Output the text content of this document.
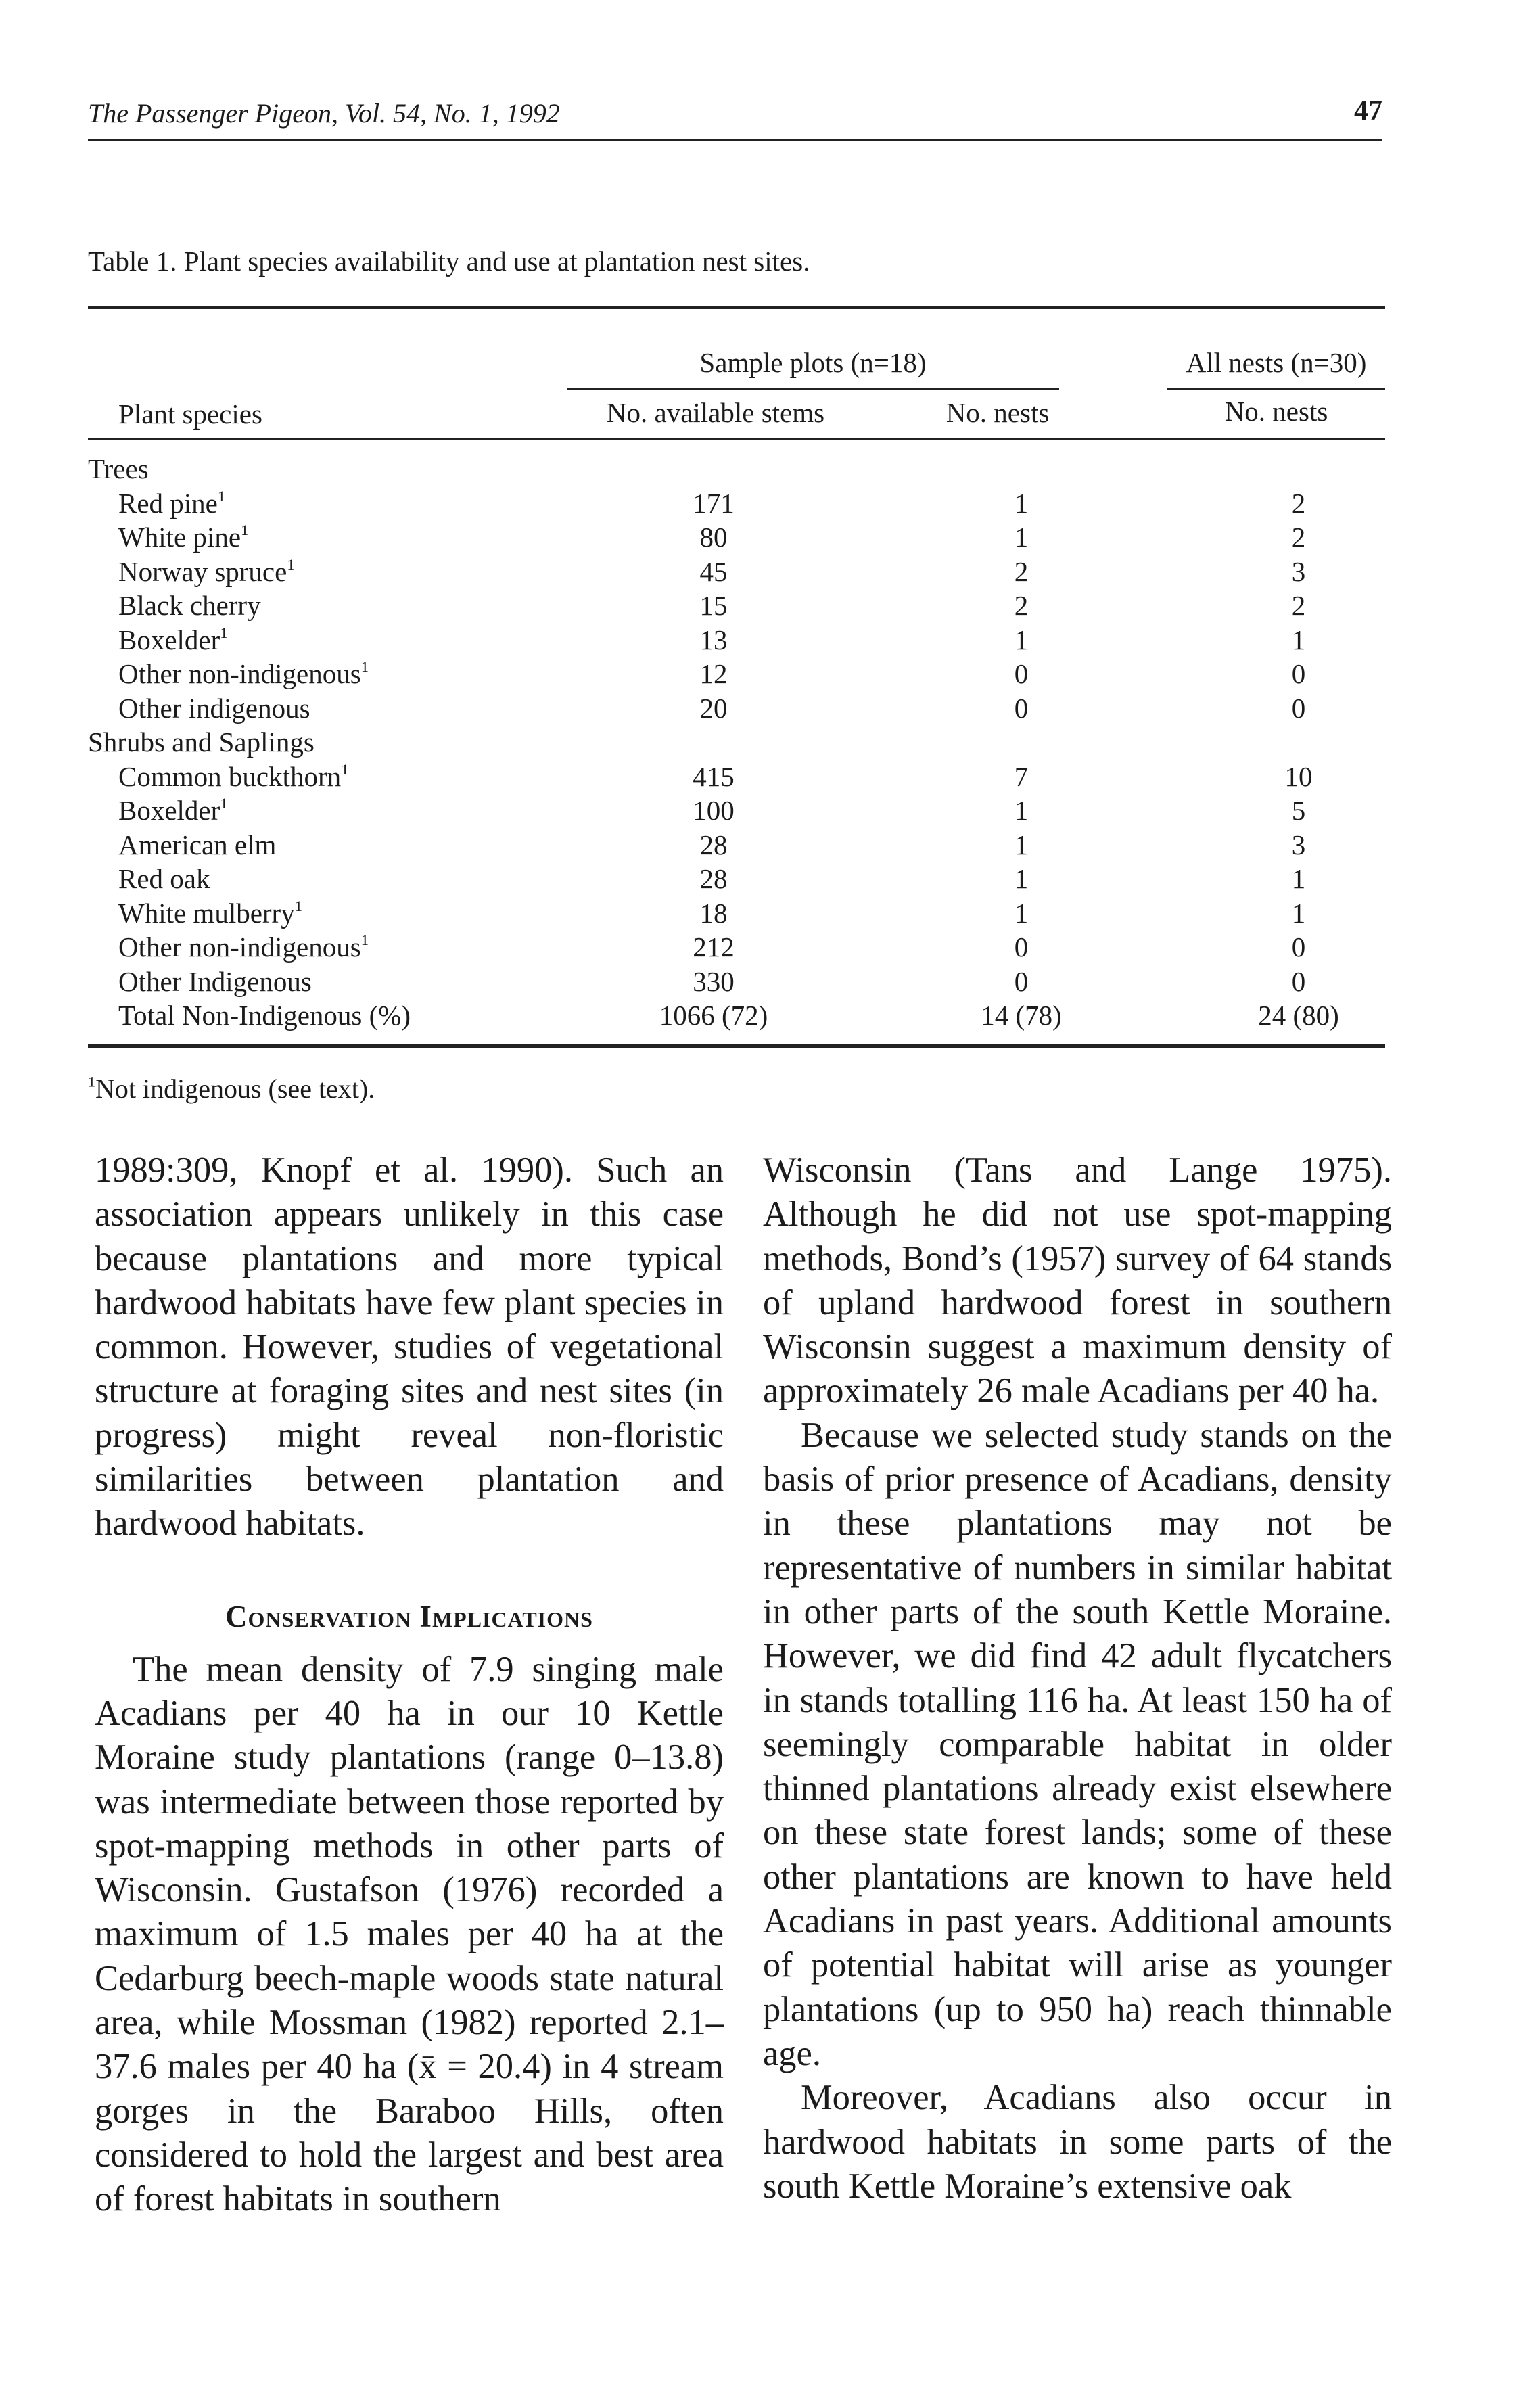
The Passenger Pigeon, Vol. 54, No. 1, 1992	47
Table 1. Plant species availability and use at plantation nest sites.
Sample plots (n=18)	All nests (n=30)
Plant species	No. available stems	No. nests	No. nests
Trees
Red pine$^1$	171	1	2
White pine$^1$	80	1	2
Norway spruce$^1$	45	2	3
Black cherry	15	2	2
Boxelder$^1$	13	1	1
Other non-indigenous$^1$	12	0	0
Other indigenous	20	0	0
Shrubs and Saplings
Common buckthorn$^1$	415	7	10
Boxelder$^1$	100	1	5
American elm	28	1	3
Red oak	28	1	1
White mulberry$^1$	18	1	1
Other non-indigenous$^1$	212	0	0
Other Indigenous	330	0	0
Total Non-Indigenous (%)	1066 (72)	14 (78)	24 (80)
$^1$Not indigenous (see text).

1989:309, Knopf et al. 1990). Such an association appears unlikely in this case because plantations and more typical hardwood habitats have few plant species in common. However, studies of vegetational structure at foraging sites and nest sites (in progress) might reveal non-floristic similarities between plantation and hardwood habitats.

Conservation Implications

The mean density of 7.9 singing male Acadians per 40 ha in our 10 Kettle Moraine study plantations (range 0–13.8) was intermediate between those reported by spot-mapping methods in other parts of Wisconsin. Gustafson (1976) recorded a maximum of 1.5 males per 40 ha at the Cedarburg beech-maple woods state natural area, while Mossman (1982) reported 2.1–37.6 males per 40 ha (x̄ = 20.4) in 4 stream gorges in the Baraboo Hills, often considered to hold the largest and best area of forest habitats in southern

Wisconsin (Tans and Lange 1975). Although he did not use spot-mapping methods, Bond’s (1957) survey of 64 stands of upland hardwood forest in southern Wisconsin suggest a maximum density of approximately 26 male Acadians per 40 ha.

Because we selected study stands on the basis of prior presence of Acadians, density in these plantations may not be representative of numbers in similar habitat in other parts of the south Kettle Moraine. However, we did find 42 adult flycatchers in stands totalling 116 ha. At least 150 ha of seemingly comparable habitat in older thinned plantations already exist elsewhere on these state forest lands; some of these other plantations are known to have held Acadians in past years. Additional amounts of potential habitat will arise as younger plantations (up to 950 ha) reach thinnable age.

Moreover, Acadians also occur in hardwood habitats in some parts of the south Kettle Moraine’s extensive oak
